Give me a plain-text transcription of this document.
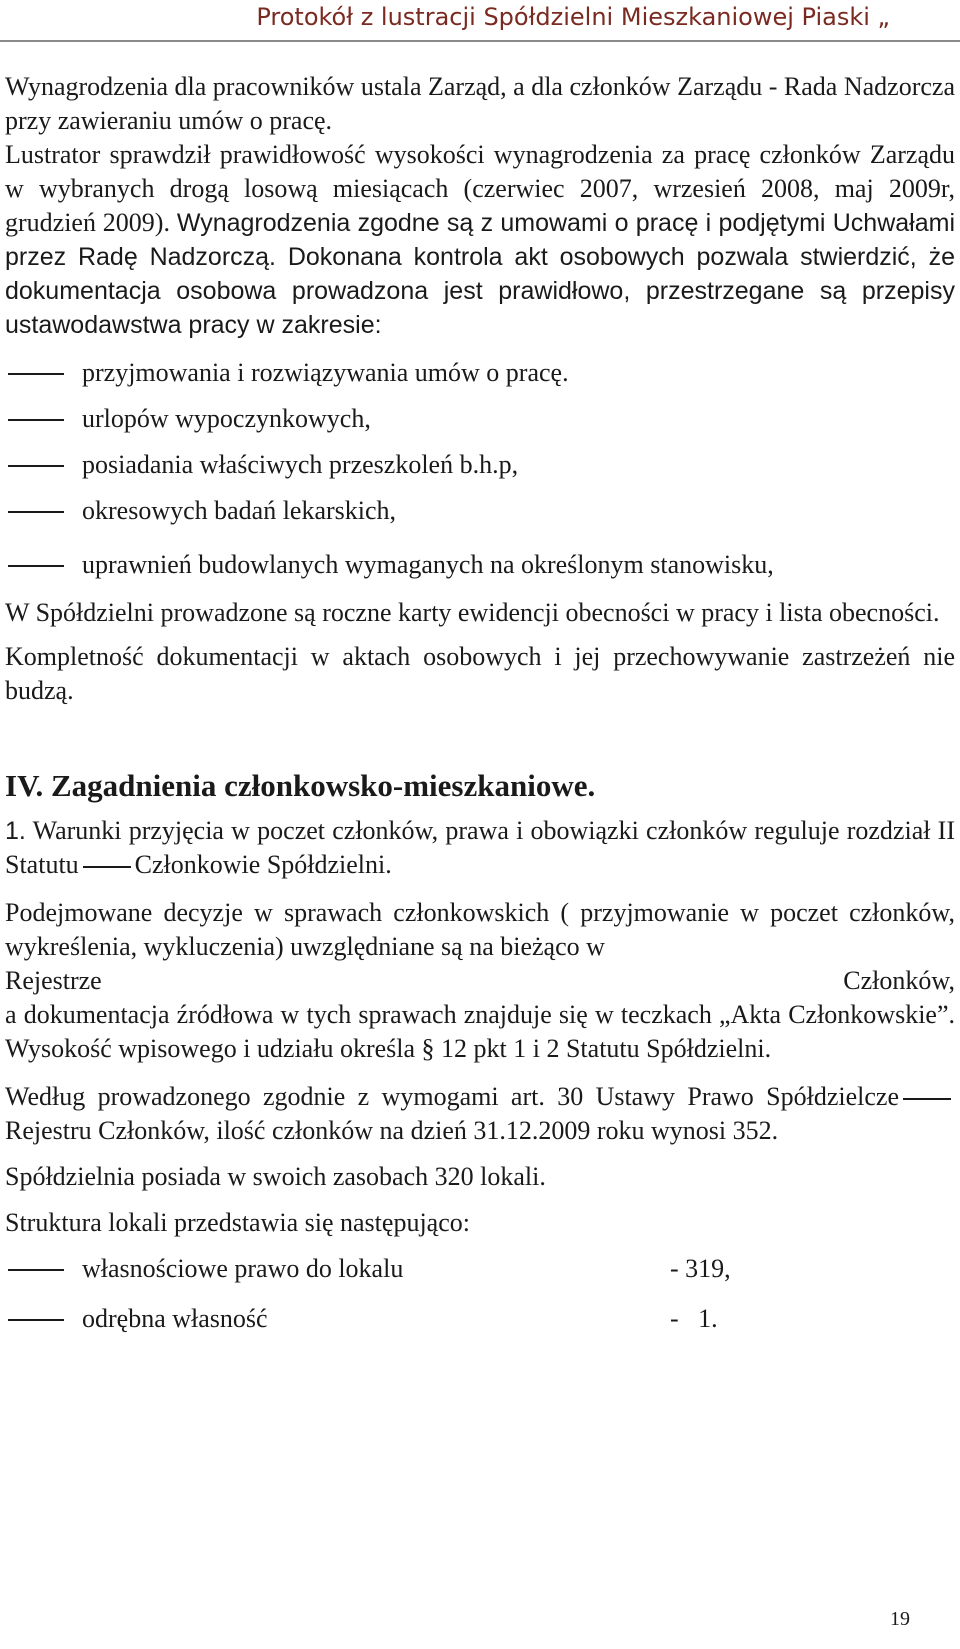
Protokół z lustracji Spółdzielni Mieszkaniowej Piaski „

Wynagrodzenia dla pracowników ustala Zarząd, a dla członków Zarządu - Rada Nadzorcza przy zawieraniu umów o pracę.

Lustrator sprawdził prawidłowość wysokości wynagrodzenia za pracę członków Zarządu w wybranych drogą losową miesiącach (czerwiec 2007, wrzesień 2008, maj 2009r, grudzień 2009). Wynagrodzenia zgodne są z umowami o pracę i podjętymi Uchwałami przez Radę Nadzorczą. Dokonana kontrola akt osobowych pozwala stwierdzić, że dokumentacja osobowa prowadzona jest prawidłowo, przestrzegane są przepisy ustawodawstwa pracy w zakresie:

przyjmowania i rozwiązywania umów o pracę.
urlopów wypoczynkowych,
posiadania właściwych przeszkoleń b.h.p,
okresowych badań lekarskich,
uprawnień budowlanych wymaganych na określonym stanowisku,

W Spółdzielni prowadzone są roczne karty ewidencji obecności w pracy i lista obecności.

Kompletność dokumentacji w aktach osobowych i jej przechowywanie zastrzeżeń nie budzą.

IV. Zagadnienia członkowsko-mieszkaniowe.

1. Warunki przyjęcia w poczet członków, prawa i obowiązki członków reguluje rozdział II Statutu Członkowie Spółdzielni.

Podejmowane decyzje w sprawach członkowskich ( przyjmowanie w poczet członków, wykreślenia, wykluczenia) uwzględniane są na bieżąco w

Rejestrze Członków,

a dokumentacja źródłowa w tych sprawach znajduje się w teczkach „Akta Członkowskie”. Wysokość wpisowego i udziału określa § 12 pkt 1 i 2 Statutu Spółdzielni.

Według prowadzonego zgodnie z wymogami art. 30 Ustawy Prawo SpółdzielczeRejestru Członków, ilość członków na dzień 31.12.2009 roku wynosi 352.

Spółdzielnia posiada w swoich zasobach 320 lokali.

Struktura lokali przedstawia się następująco:

własnościowe prawo do lokalu	- 319,
odrębna własność	-   1.
19
